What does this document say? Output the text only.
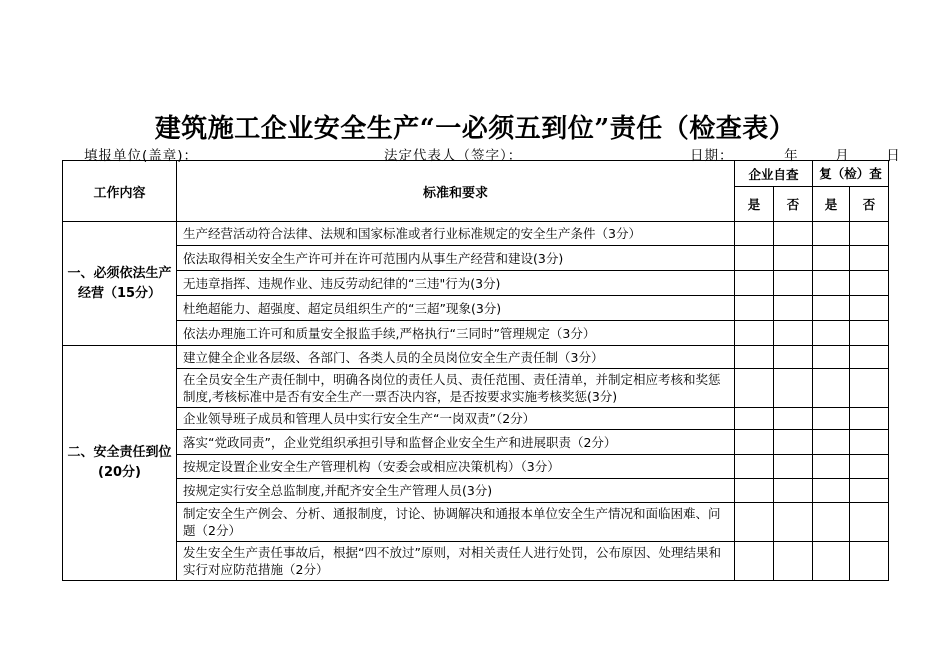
建筑施工企业安全生产“一必须五到位”责任（检查表）
填报单位(盖章)：	法定代表人（签字）：	日期：	年	月	日
工作内容	标准和要求	企业自查		复（检）查	
		是	否	是	否
一、必须依法生产经营（15分）	生产经营活动符合法律、法规和国家标准或者行业标准规定的安全生产条件（3分）				
	依法取得相关安全生产许可并在许可范围内从事生产经营和建设(3分)				
	无违章指挥、违规作业、违反劳动纪律的“三违"行为(3分)				
	杜绝超能力、超强度、超定员组织生产的“三超”现象(3分)				
	依法办理施工许可和质量安全报监手续,严格执行“三同时”管理规定（3分）				
二、安全责任到位(20分)	建立健全企业各层级、各部门、各类人员的全员岗位安全生产责任制（3分）				
	在全员安全生产责任制中，明确各岗位的责任人员、责任范围、责任清单，并制定相应考核和奖惩制度,考核标准中是否有安全生产一票否决内容，是否按要求实施考核奖惩(3分)				
	企业领导班子成员和管理人员中实行安全生产“一岗双责”（2分）				
	落实“党政同责”，企业党组织承担引导和监督企业安全生产和进展职责（2分）				
	按规定设置企业安全生产管理机构（安委会或相应决策机构）（3分）				
	按规定实行安全总监制度,并配齐安全生产管理人员(3分)				
	制定安全生产例会、分析、通报制度，讨论、协调解决和通报本单位安全生产情况和面临困难、问题（2分）				
	发生安全生产责任事故后，根据“四不放过”原则，对相关责任人进行处罚，公布原因、处理结果和实行对应防范措施（2分）				
